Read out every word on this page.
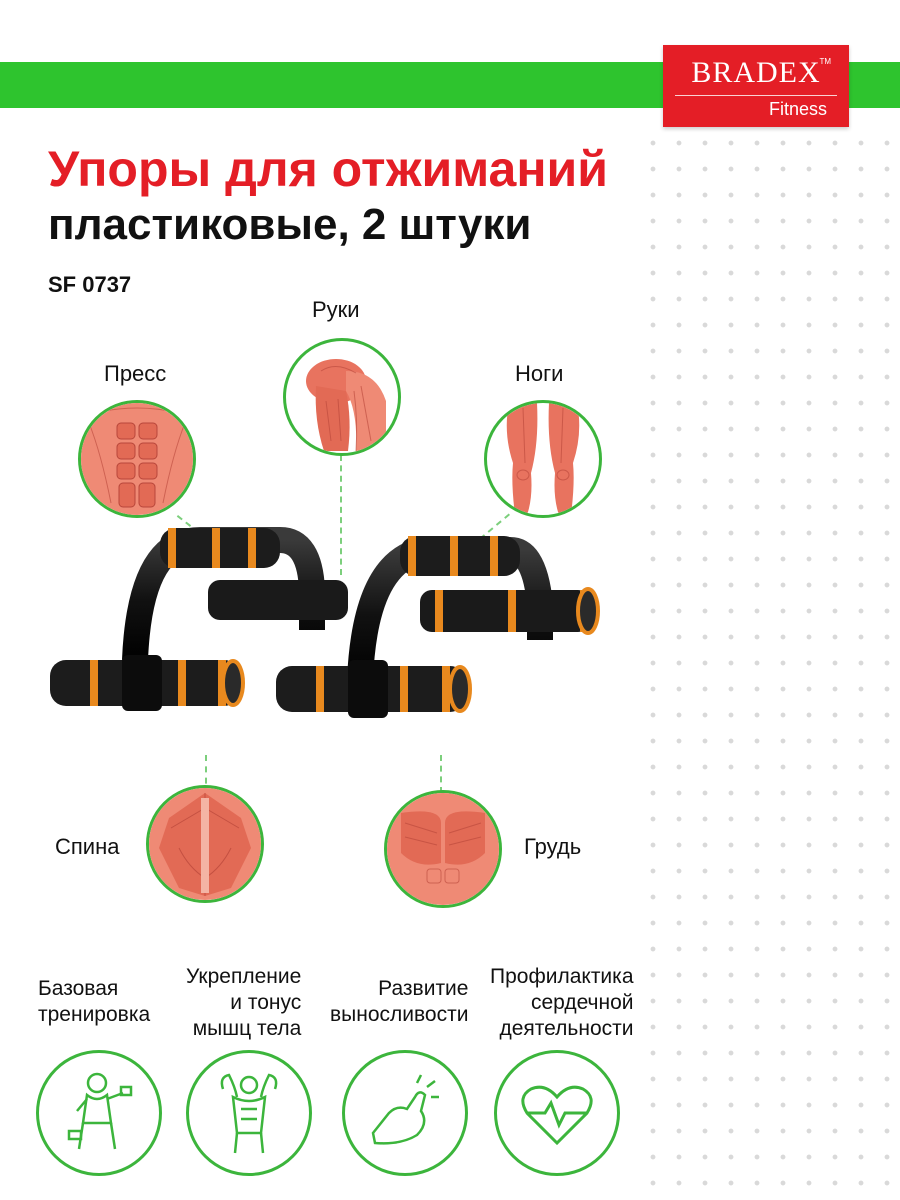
BRADEX
TM
Fitness
Упоры для отжиманий
пластиковые, 2 штуки
SF 0737
Руки
Пресс	Ноги
Спина	Грудь
Базовая
тренировка
Укрепление
и тонус
мышц тела
Развитие
выносливости
Профилактика
сердечной
деятельности
